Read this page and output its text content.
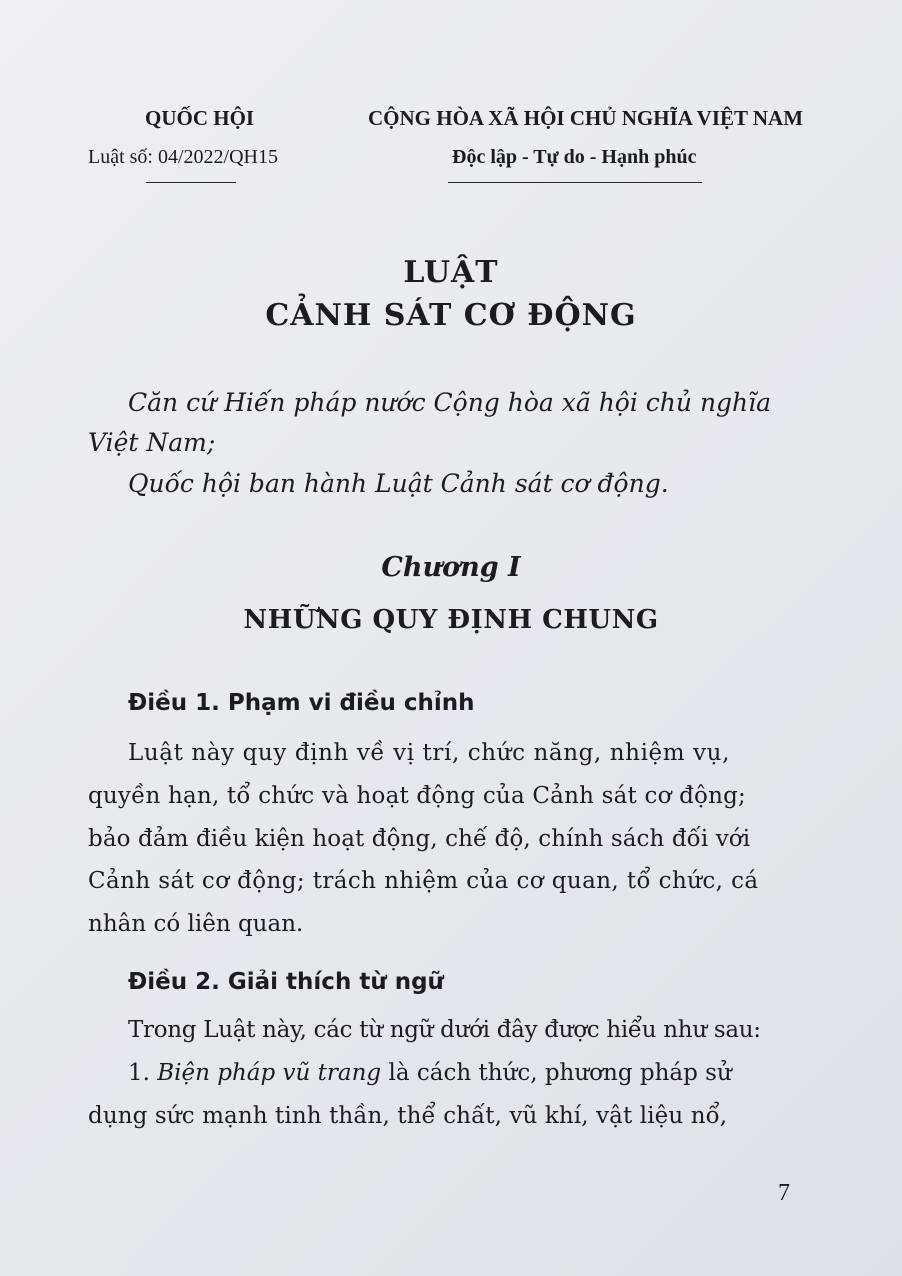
QUỐC HỘI	CỘNG HÒA XÃ HỘI CHỦ NGHĨA VIỆT NAM
Luật số: 04/2022/QH15	Độc lập - Tự do - Hạnh phúc
LUẬT
CẢNH SÁT CƠ ĐỘNG
Căn cứ Hiến pháp nước Cộng hòa xã hội chủ nghĩa
Việt Nam;
Quốc hội ban hành Luật Cảnh sát cơ động.
Chương I
NHỮNG QUY ĐỊNH CHUNG
Điều 1. Phạm vi điều chỉnh
Luật này quy định về vị trí, chức năng, nhiệm vụ,
quyền hạn, tổ chức và hoạt động của Cảnh sát cơ động;
bảo đảm điều kiện hoạt động, chế độ, chính sách đối với
Cảnh sát cơ động; trách nhiệm của cơ quan, tổ chức, cá
nhân có liên quan.
Điều 2. Giải thích từ ngữ
Trong Luật này, các từ ngữ dưới đây được hiểu như sau:
1. Biện pháp vũ trang là cách thức, phương pháp sử
dụng sức mạnh tinh thần, thể chất, vũ khí, vật liệu nổ,
7
